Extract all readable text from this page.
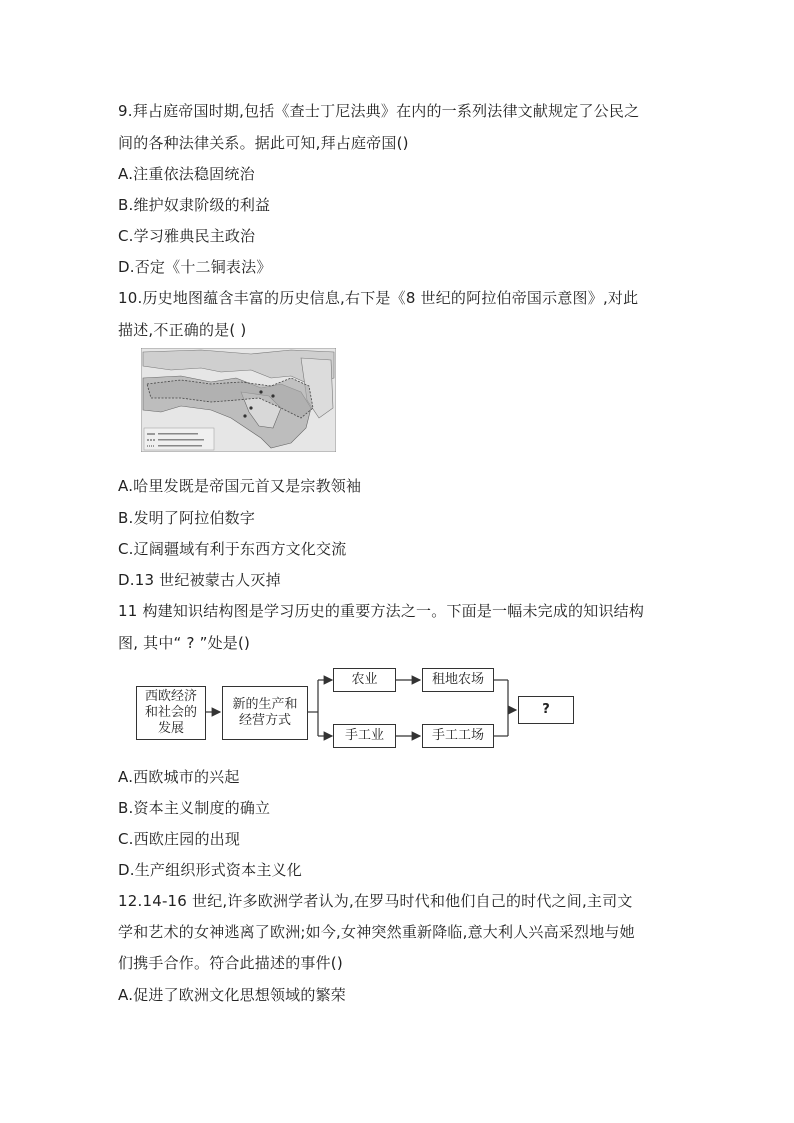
9.拜占庭帝国时期,包括《查士丁尼法典》在内的一系列法律文献规定了公民之
间的各种法律关系。据此可知,拜占庭帝国()
A.注重依法稳固统治
B.维护奴隶阶级的利益
C.学习雅典民主政治
D.否定《十二铜表法》
10.历史地图蕴含丰富的历史信息,右下是《8 世纪的阿拉伯帝国示意图》,对此
描述,不正确的是( )
A.哈里发既是帝国元首又是宗教领袖
B.发明了阿拉伯数字
C.辽阔疆域有利于东西方文化交流
D.13 世纪被蒙古人灭掉
11 构建知识结构图是学习历史的重要方法之一。下面是一幅未完成的知识结构
图, 其中“ ? ”处是()
西欧经济
和社会的
发展
新的生产和
经营方式
农业	租地农场
手工业	手工工场
?
A.西欧城市的兴起
B.资本主义制度的确立
C.西欧庄园的出现
D.生产组织形式资本主义化
12.14-16 世纪,许多欧洲学者认为,在罗马时代和他们自己的时代之间,主司文
学和艺术的女神逃离了欧洲;如今,女神突然重新降临,意大利人兴高采烈地与她
们携手合作。符合此描述的事件()
A.促进了欧洲文化思想领域的繁荣
